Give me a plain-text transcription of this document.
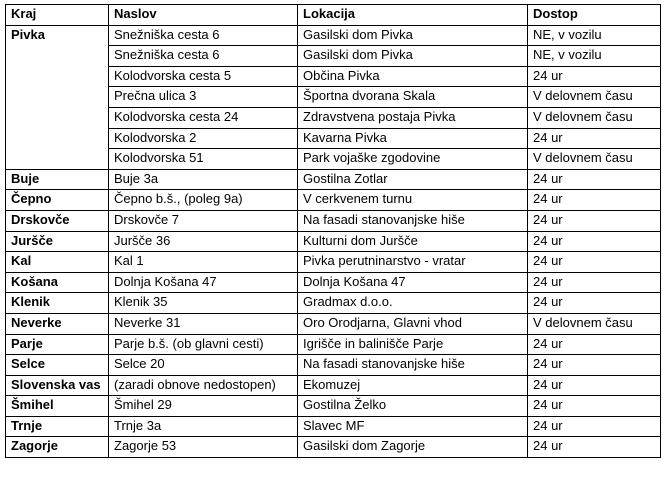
Kraj	Naslov	Lokacija	Dostop
Pivka	Snežniška cesta 6	Gasilski dom Pivka	NE, v vozilu
	Snežniška cesta 6	Gasilski dom Pivka	NE, v vozilu
	Kolodvorska cesta 5	Občina Pivka	24 ur
	Prečna ulica 3	Športna dvorana Skala	V delovnem času
	Kolodvorska cesta 24	Zdravstvena postaja Pivka	V delovnem času
	Kolodvorska 2	Kavarna Pivka	24 ur
	Kolodvorska 51	Park vojaške zgodovine	V delovnem času
Buje	Buje 3a	Gostilna Zotlar	24 ur
Čepno	Čepno b.š., (poleg 9a)	V cerkvenem turnu	24 ur
Drskovče	Drskovče 7	Na fasadi stanovanjske hiše	24 ur
Juršče	Juršče 36	Kulturni dom Juršče	24 ur
Kal	Kal 1	Pivka perutninarstvo - vratar	24 ur
Košana	Dolnja Košana 47	Dolnja Košana 47	24 ur
Klenik	Klenik 35	Gradmax d.o.o.	24 ur
Neverke	Neverke 31	Oro Orodjarna, Glavni vhod	V delovnem času
Parje	Parje b.š. (ob glavni cesti)	Igrišče in balinišče Parje	24 ur
Selce	Selce 20	Na fasadi stanovanjske hiše	24 ur
Slovenska vas	(zaradi obnove nedostopen)	Ekomuzej	24 ur
Šmihel	Šmihel 29	Gostilna Želko	24 ur
Trnje	Trnje 3a	Slavec MF	24 ur
Zagorje	Zagorje 53	Gasilski dom Zagorje	24 ur
